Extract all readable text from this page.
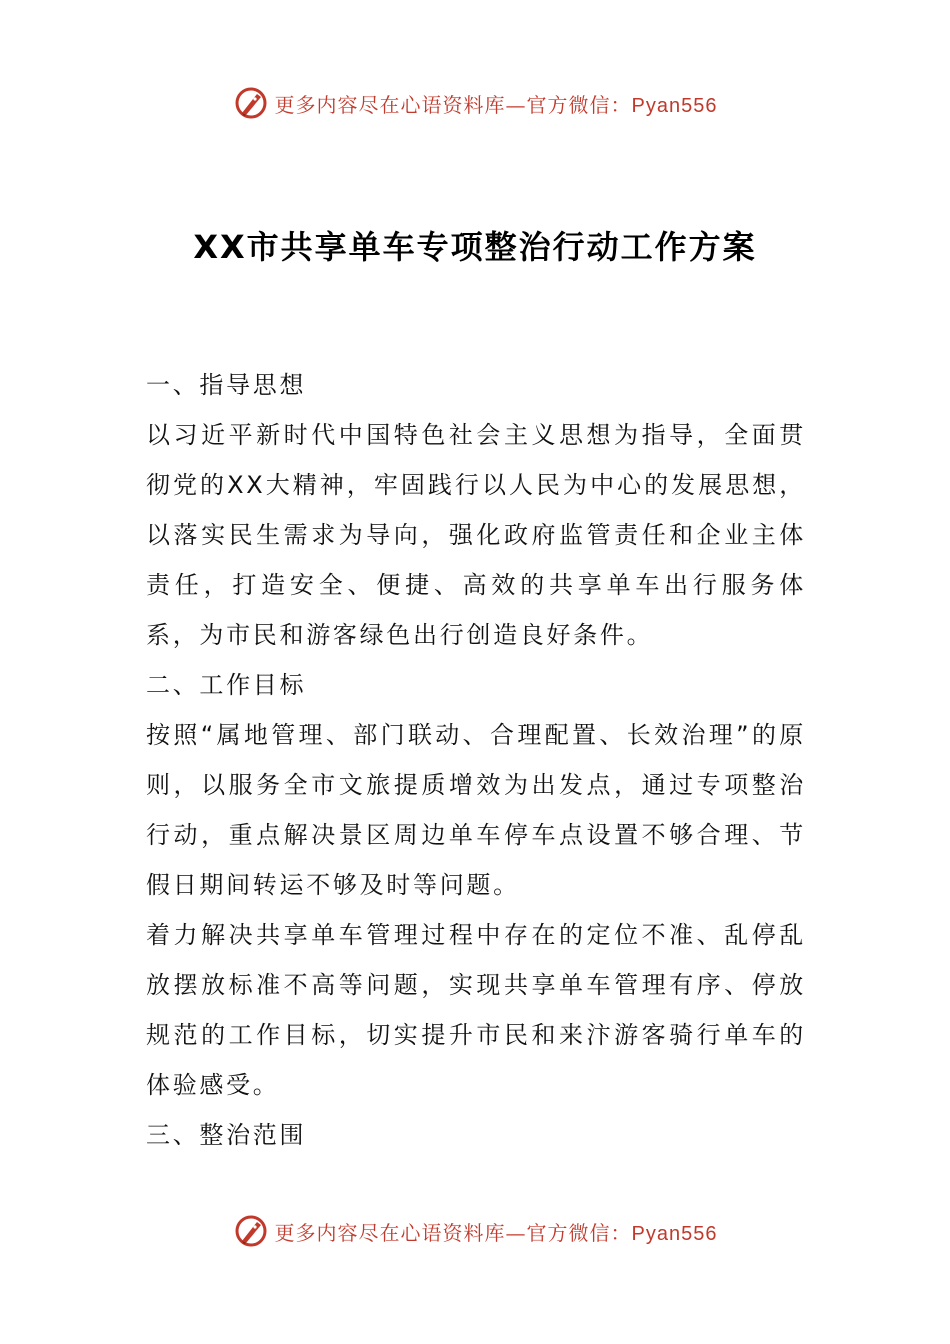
更多内容尽在心语资料库—官方微信：Pyan556
XX市共享单车专项整治行动工作方案

一、指导思想

以习近平新时代中国特色社会主义思想为指导，全面贯彻党的XX大精神，牢固践行以人民为中心的发展思想，以落实民生需求为导向，强化政府监管责任和企业主体责任，打造安全、便捷、高效的共享单车出行服务体系，为市民和游客绿色出行创造良好条件。

二、工作目标

按照“属地管理、部门联动、合理配置、长效治理”的原则，以服务全市文旅提质增效为出发点，通过专项整治行动，重点解决景区周边单车停车点设置不够合理、节假日期间转运不够及时等问题。

着力解决共享单车管理过程中存在的定位不准、乱停乱放摆放标准不高等问题，实现共享单车管理有序、停放规范的工作目标，切实提升市民和来汴游客骑行单车的体验感受。

三、整治范围

更多内容尽在心语资料库—官方微信：Pyan556
